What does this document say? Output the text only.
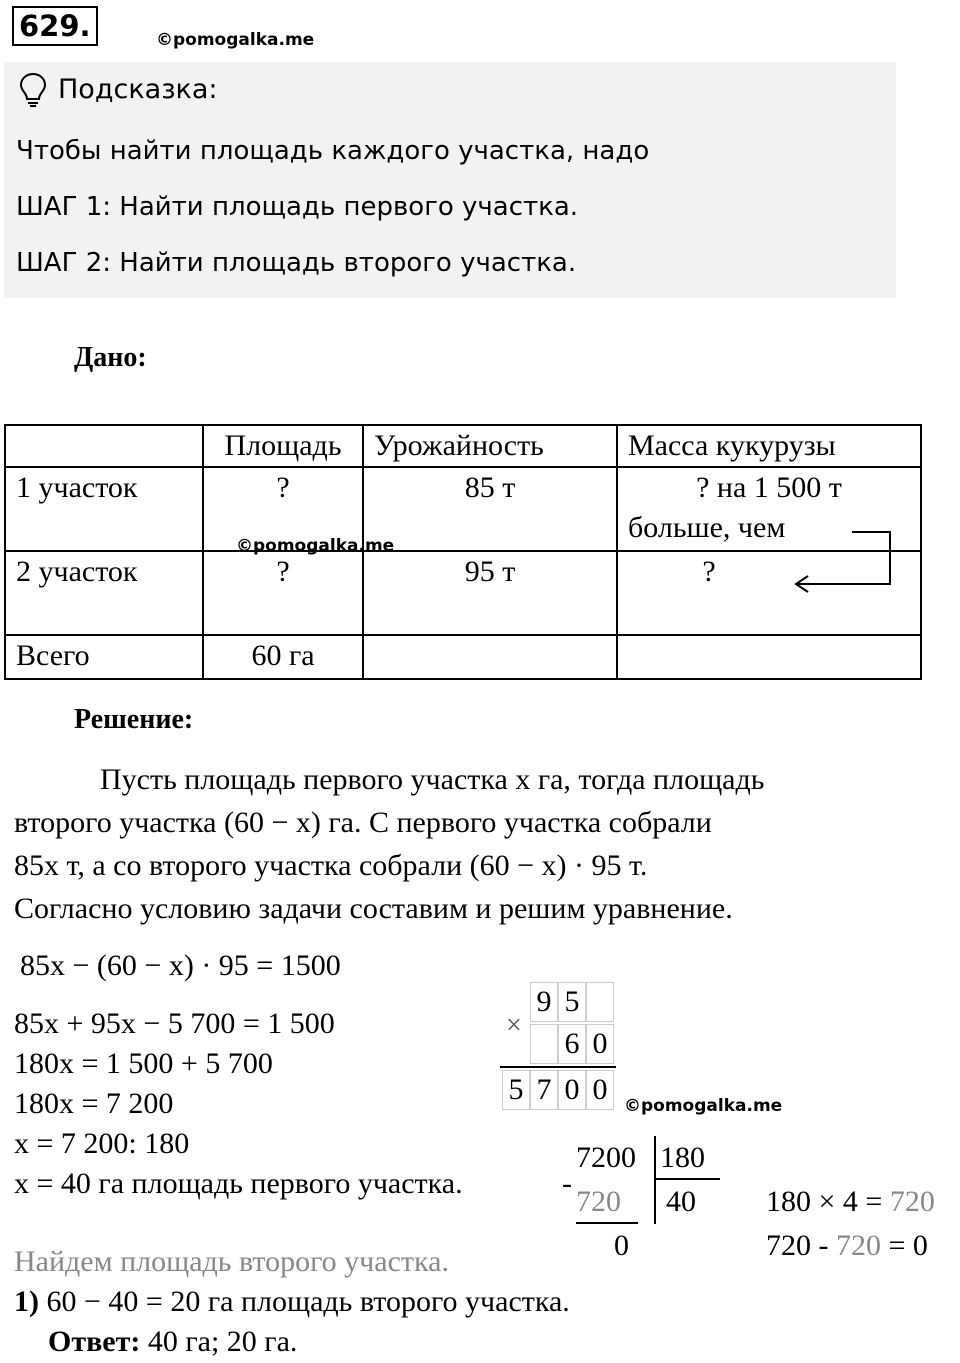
629.	©pomogalka.me
Подсказка:
Чтобы найти площадь каждого участка, надо
ШАГ 1: Найти площадь первого участка.
ШАГ 2: Найти площадь второго участка.
Дано:
	Площадь	Урожайность	Масса кукурузы
1 участок	?	85 т	? на 1 500 т
больше, чем

2 участок	?	95 т	?
Всего	60 га		
©pomogalka.me
Решение:
Пусть площадь первого участка x га, тогда площадь
второго участка (60 − x) га. С первого участка собрали
85x т, а со второго участка собрали (60 − x) · 95 т.
Согласно условию задачи составим и решим уравнение.
85x − (60 − x) · 95 = 1500
85x + 95x − 5 700 = 1 500
180x = 1 500 + 5 700
180x = 7 200
x = 7 200: 180
x = 40 га площадь первого участка.
×
9 5
6 0
5 7 0 0 ©pomogalka.me
-
7200 180
720 40
0
180 × 4 = 720
720 - 720 = 0
Найдем площадь второго участка.
1) 60 − 40 = 20 га площадь второго участка.
Ответ: 40 га; 20 га.
